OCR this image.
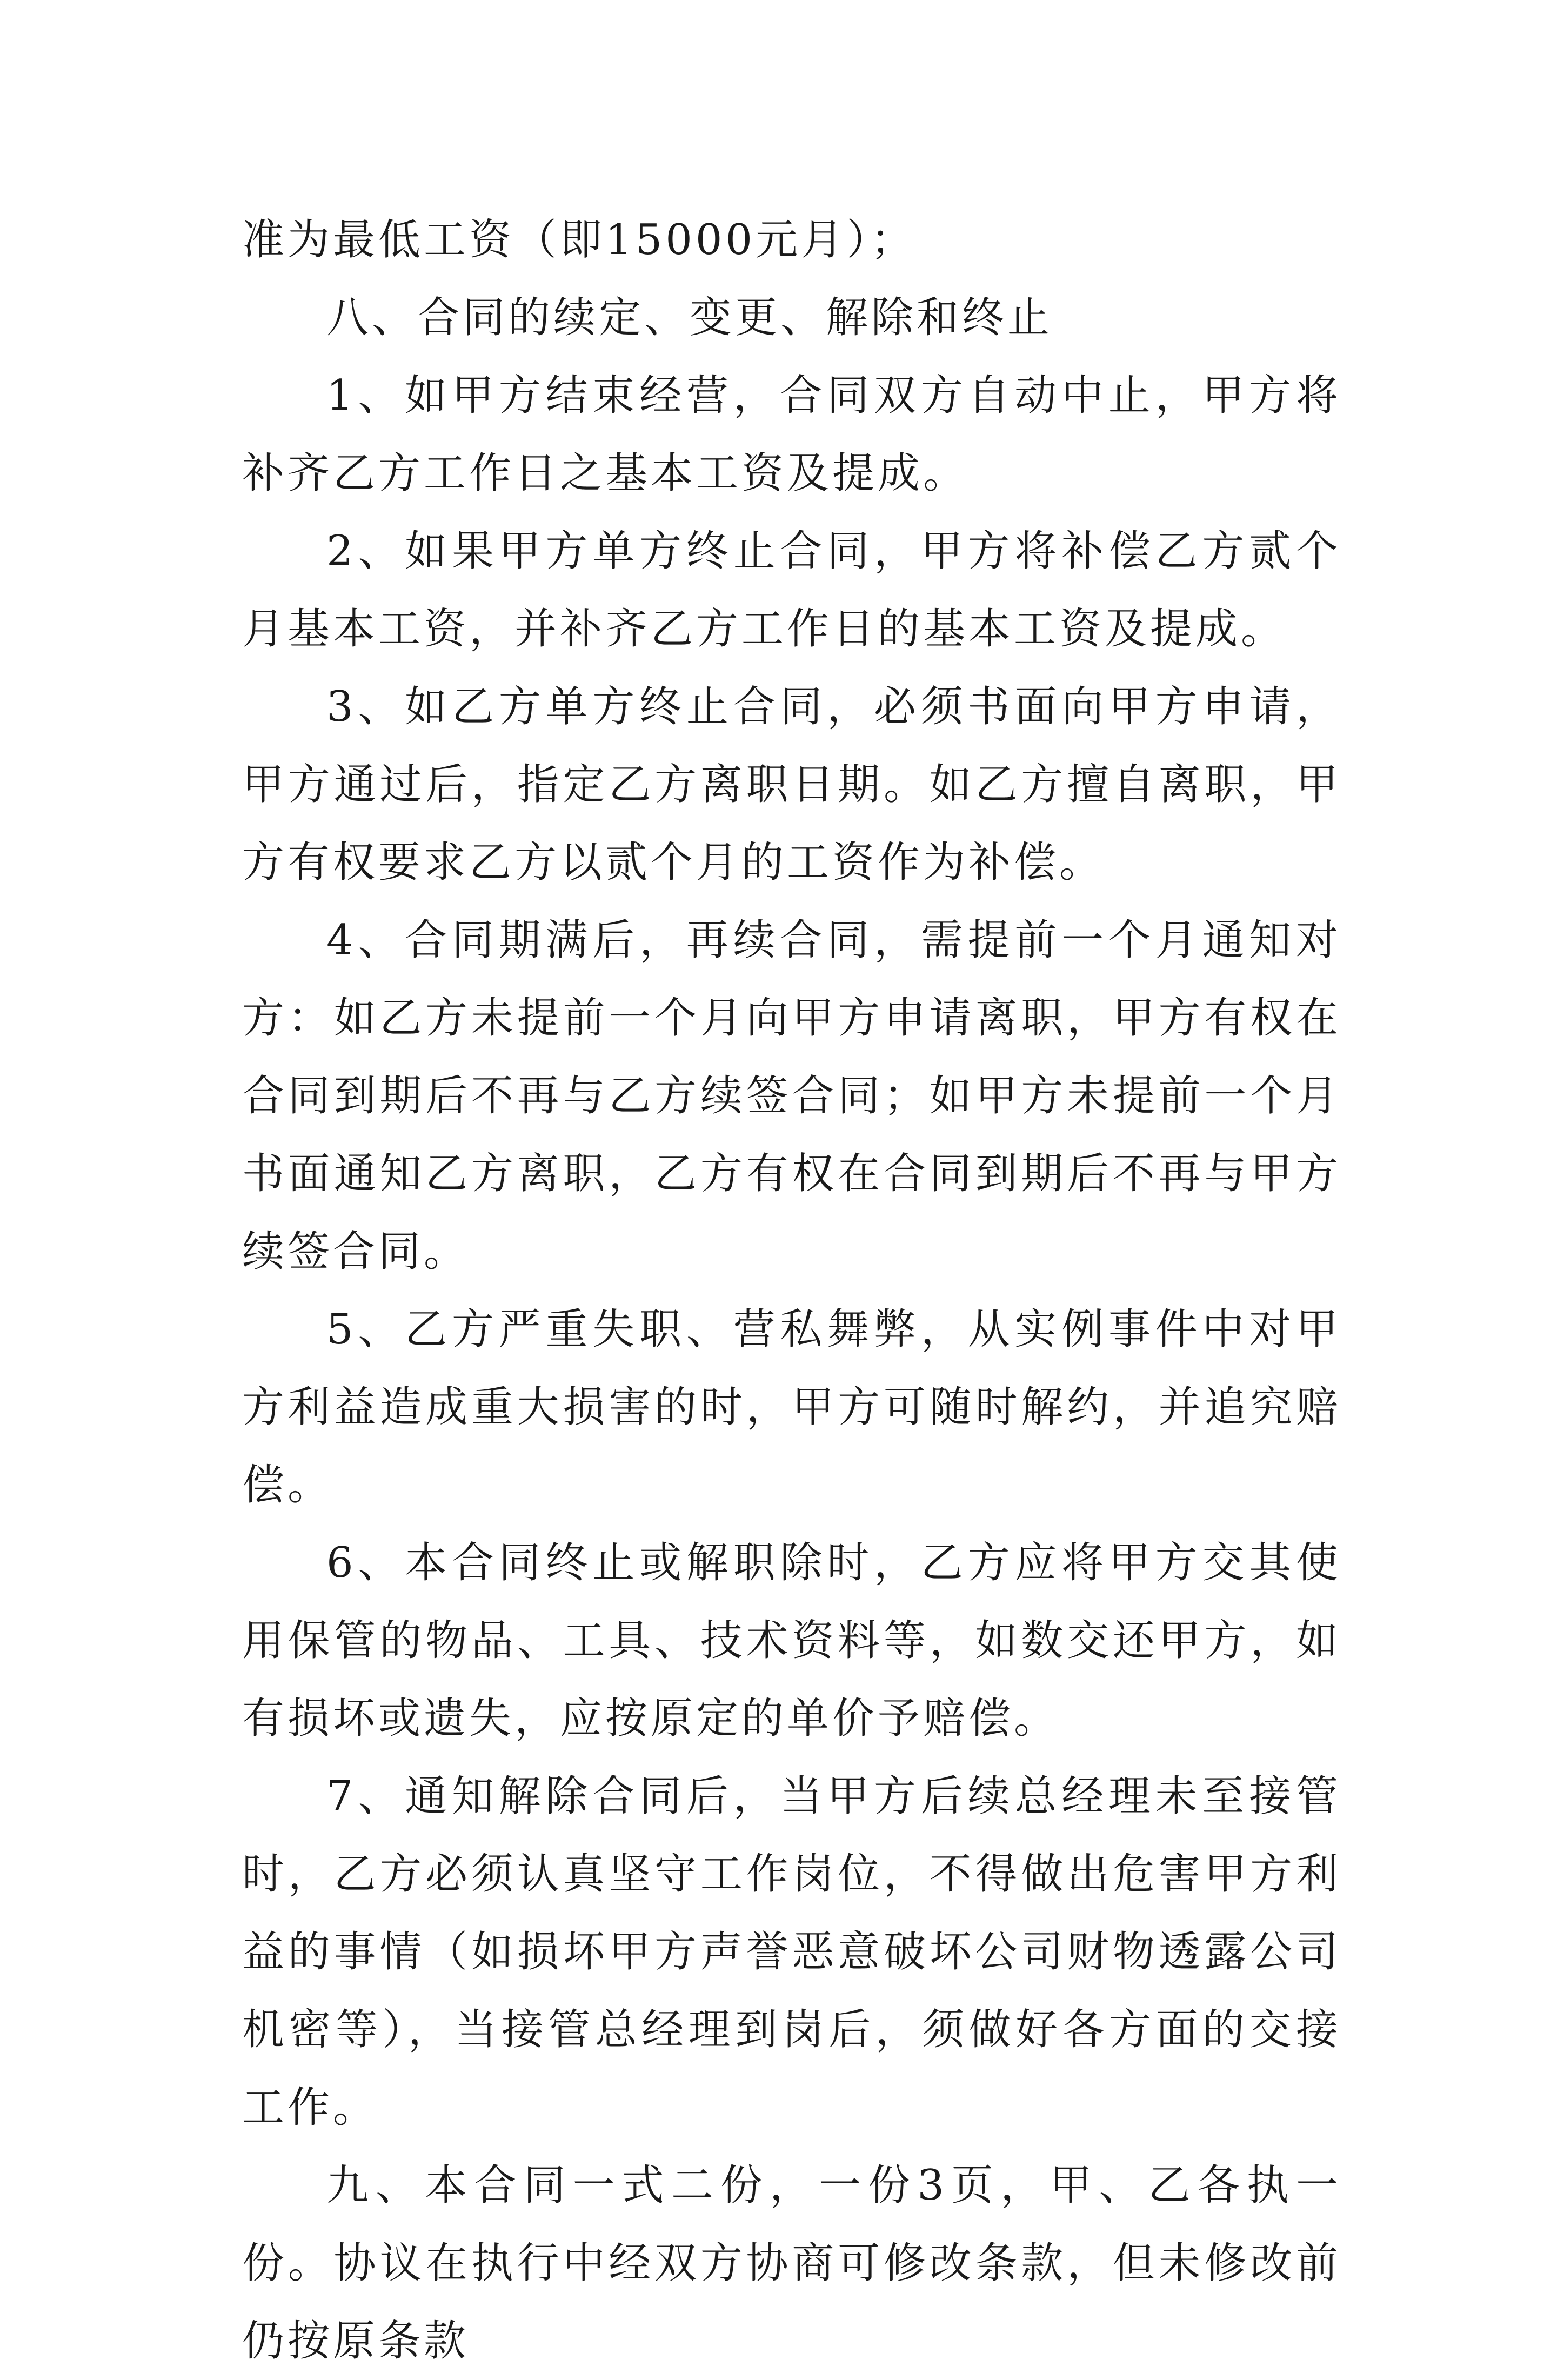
准为最低工资（即15000元月）；

八、合同的续定、变更、解除和终止

1、如甲方结束经营，合同双方自动中止，甲方将补齐乙方工作日之基本工资及提成。

2、如果甲方单方终止合同，甲方将补偿乙方贰个月基本工资，并补齐乙方工作日的基本工资及提成。

3、如乙方单方终止合同，必须书面向甲方申请，甲方通过后，指定乙方离职日期。如乙方擅自离职，甲方有权要求乙方以贰个月的工资作为补偿。

4、合同期满后，再续合同，需提前一个月通知对方：如乙方未提前一个月向甲方申请离职，甲方有权在合同到期后不再与乙方续签合同；如甲方未提前一个月书面通知乙方离职，乙方有权在合同到期后不再与甲方续签合同。

5、乙方严重失职、营私舞弊，从实例事件中对甲方利益造成重大损害的时，甲方可随时解约，并追究赔偿。

6、本合同终止或解职除时，乙方应将甲方交其使用保管的物品、工具、技术资料等，如数交还甲方，如有损坏或遗失，应按原定的单价予赔偿。

7、通知解除合同后，当甲方后续总经理未至接管时，乙方必须认真坚守工作岗位，不得做出危害甲方利益的事情（如损坏甲方声誉恶意破坏公司财物透露公司机密等），当接管总经理到岗后，须做好各方面的交接工作。

九、本合同一式二份，一份3页，甲、乙各执一份。协议在执行中经双方协商可修改条款，但未修改前仍按原条款
